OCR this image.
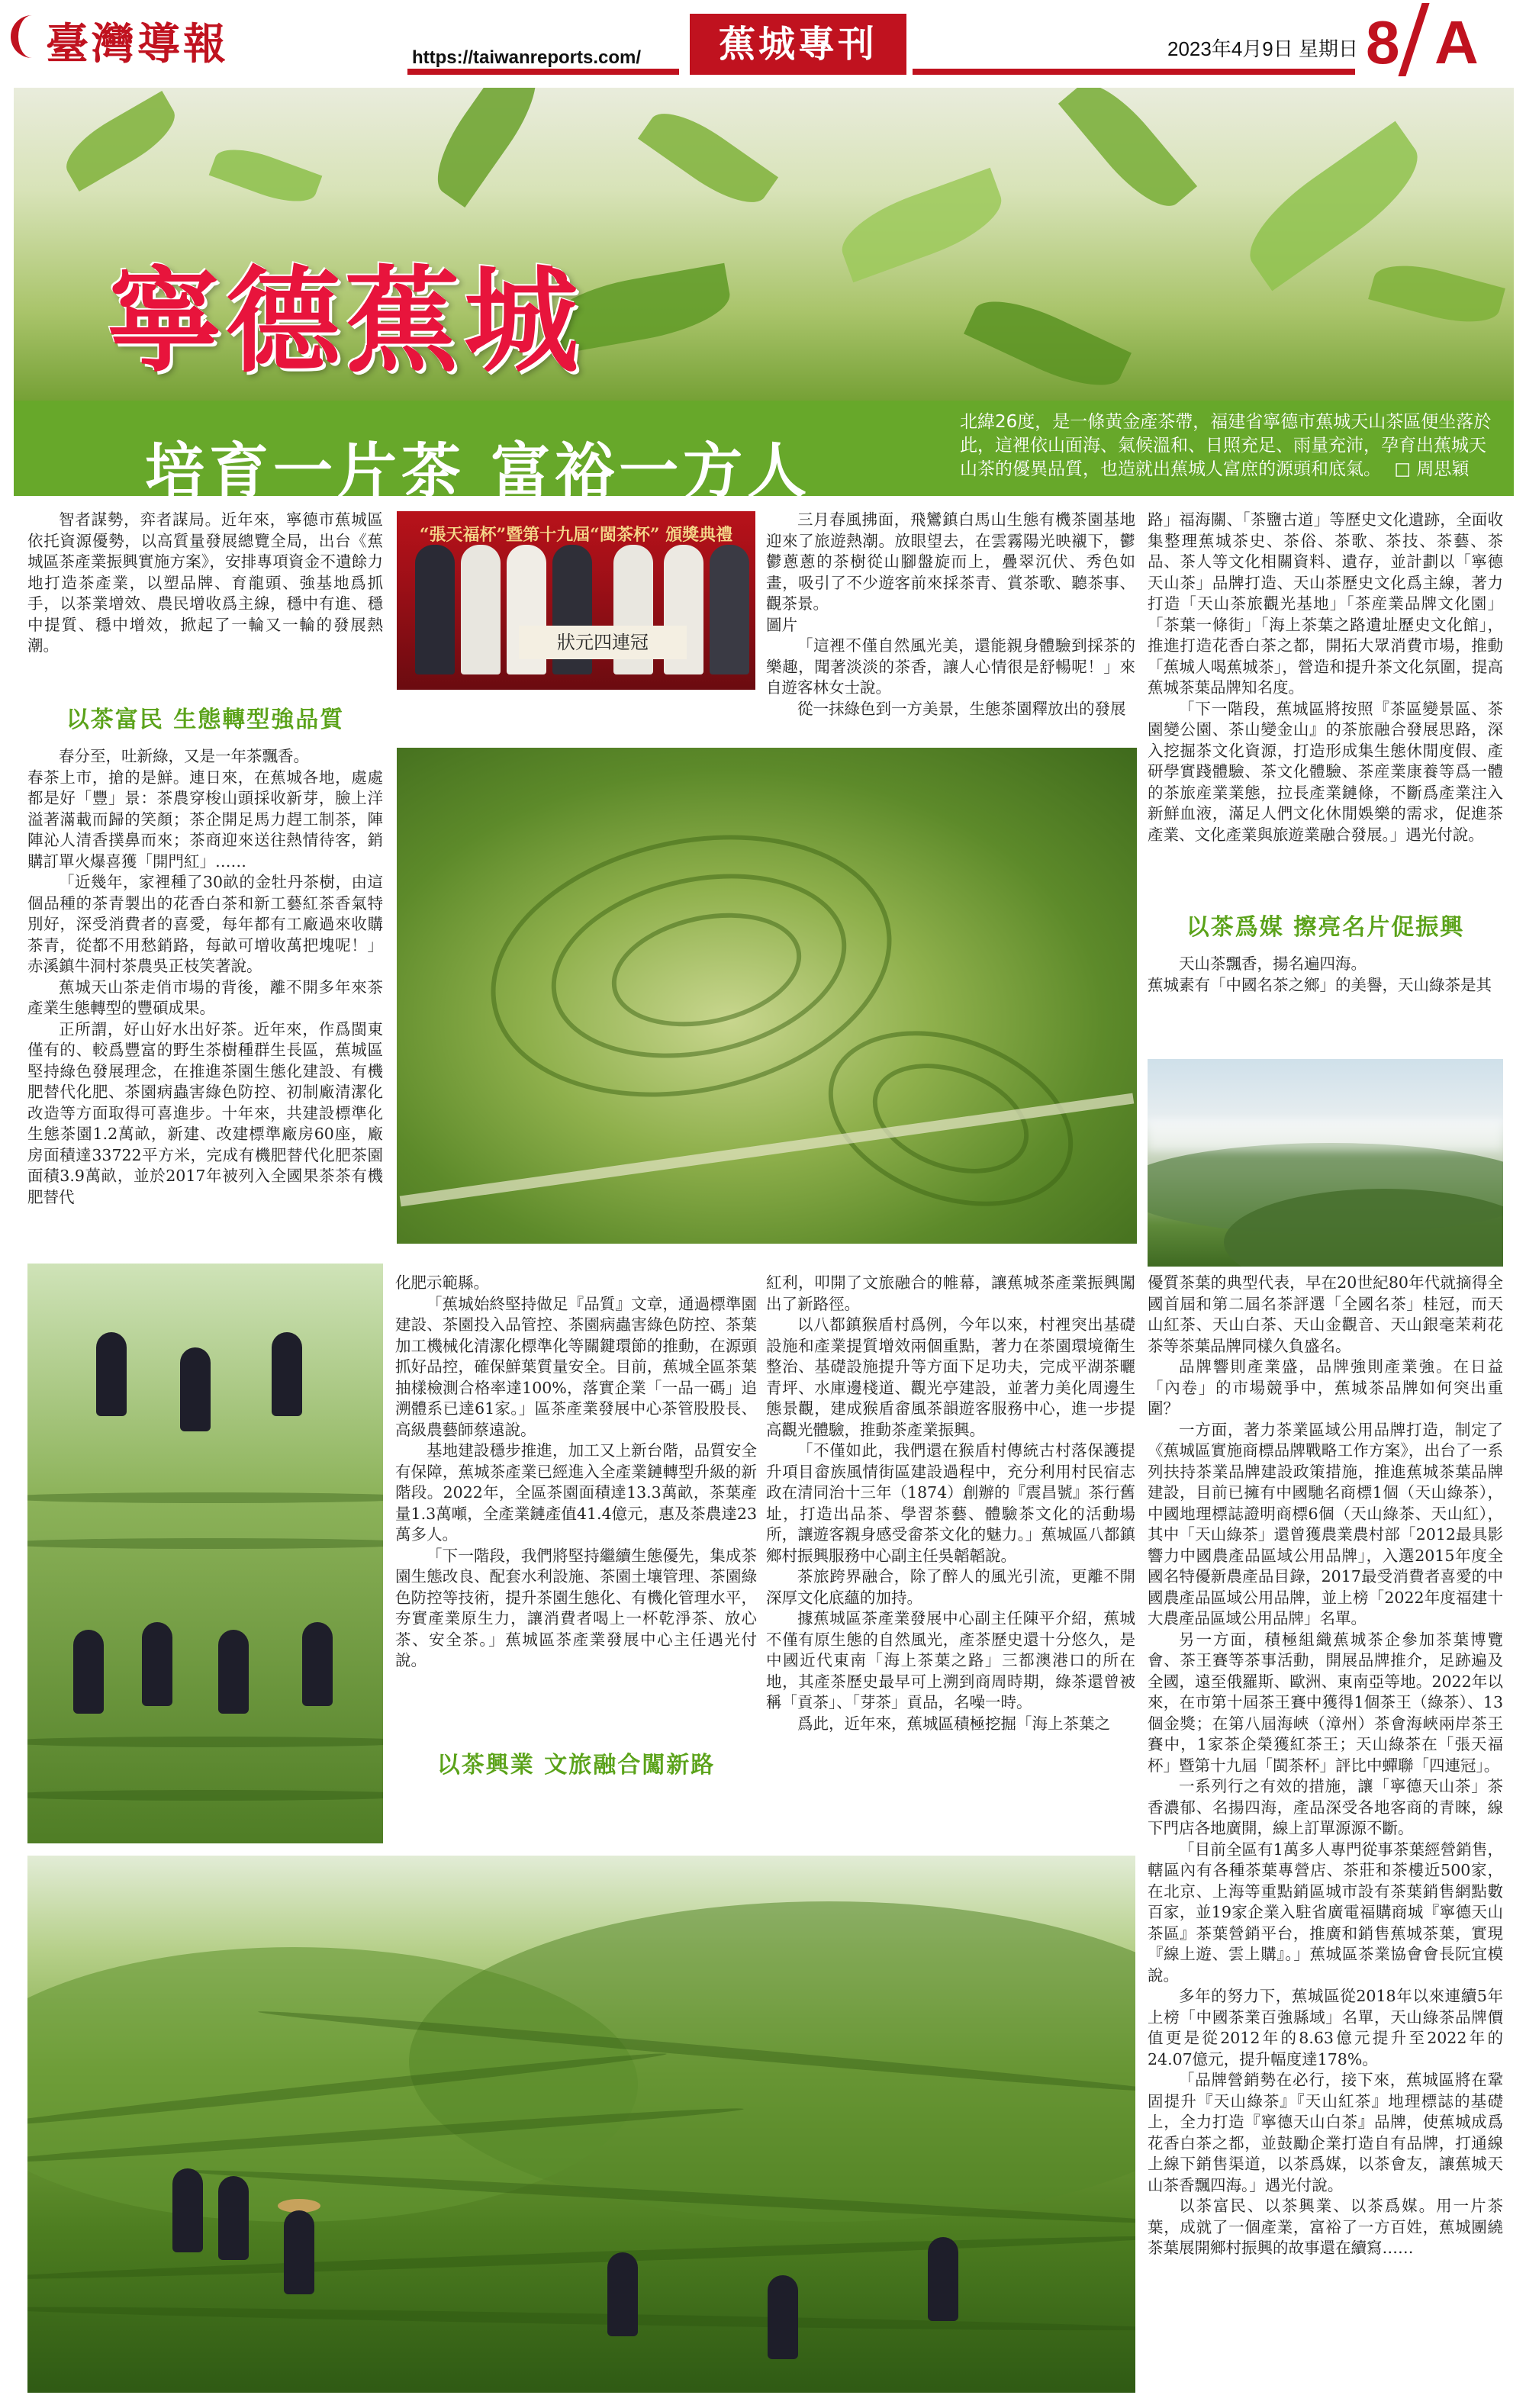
臺灣導報	https://taiwanreports.com/	蕉城專刊	2023年4月9日 星期日 8 A
寧德蕉城
培育一片茶 富裕一方人
北緯26度，是一條黃金產茶帶，福建省寧德市蕉城天山茶區便坐落於此，這裡依山面海、氣候溫和、日照充足、雨量充沛，孕育出蕉城天山茶的優異品質，也造就出蕉城人富庶的源頭和底氣。 □ 周思穎

智者謀勢，弈者謀局。近年來，寧德市蕉城區依托資源優勢，以高質量發展總覽全局，出台《蕉城區茶產業振興實施方案》，安排專項資金不遺餘力地打造茶產業，以塑品牌、育龍頭、強基地爲抓手，以茶業增效、農民增收爲主線，穩中有進、穩中提質、穩中增效，掀起了一輪又一輪的發展熱潮。

以茶富民 生態轉型強品質

春分至，吐新綠，又是一年茶飄香。

春茶上市，搶的是鮮。連日來，在蕉城各地，處處都是好「豐」景：茶農穿梭山頭採收新芽，臉上洋溢著滿載而歸的笑顏；茶企開足馬力趕工制茶，陣陣沁人清香撲鼻而來；茶商迎來送往熱情待客，銷購訂單火爆喜獲「開門紅」……

「近幾年，家裡種了30畝的金牡丹茶樹，由這個品種的茶青製出的花香白茶和新工藝紅茶香氣特別好，深受消費者的喜愛，每年都有工廠過來收購茶青，從都不用愁銷路，每畝可增收萬把塊呢！」赤溪鎮牛洞村茶農吳正枝笑著說。

蕉城天山茶走俏市場的背後，離不開多年來茶產業生態轉型的豐碩成果。

正所謂，好山好水出好茶。近年來，作爲閩東僅有的、較爲豐富的野生茶樹種群生長區，蕉城區堅持綠色發展理念，在推進茶園生態化建設、有機肥替代化肥、茶園病蟲害綠色防控、初制廠清潔化改造等方面取得可喜進步。十年來，共建設標準化生態茶園1.2萬畝，新建、改建標準廠房60座，廠房面積達33722平方米，完成有機肥替代化肥茶園面積3.9萬畝，並於2017年被列入全國果茶茶有機肥替代

“張天福杯”暨第十九屆“閩茶杯” 頒獎典禮
狀元四連冠

三月春風拂面，飛鸞鎮白馬山生態有機茶園基地迎來了旅遊熱潮。放眼望去，在雲霧陽光映襯下，鬱鬱蔥蔥的茶樹從山腳盤旋而上，疊翠沉伏、秀色如畫，吸引了不少遊客前來採茶青、賞茶歌、聽茶事、觀茶景。

圖片

「這裡不僅自然風光美，還能親身體驗到採茶的樂趣，聞著淡淡的茶香，讓人心情很是舒暢呢！」來自遊客林女士說。

從一抹綠色到一方美景，生態茶園釋放出的發展

路」福海關、「茶鹽古道」等歷史文化遺跡，全面收集整理蕉城茶史、茶俗、茶歌、茶技、茶藝、茶品、茶人等文化相關資料、遺存，並計劃以「寧德天山茶」品牌打造、天山茶歷史文化爲主線，著力打造「天山茶旅觀光基地」「茶産業品牌文化園」「茶葉一條街」「海上茶葉之路遺址歷史文化館」，推進打造花香白茶之都，開拓大眾消費市場，推動「蕉城人喝蕉城茶」，營造和提升茶文化氛圍，提高蕉城茶葉品牌知名度。

「下一階段，蕉城區將按照『茶區變景區、茶園變公園、茶山變金山』的茶旅融合發展思路，深入挖掘茶文化資源，打造形成集生態休閒度假、產研學實踐體驗、茶文化體驗、茶産業康養等爲一體的茶旅産業業態，拉長產業鏈條，不斷爲產業注入新鮮血液，滿足人們文化休閒娛樂的需求，促進茶產業、文化產業與旅遊業融合發展。」遇光付說。

以茶爲媒 擦亮名片促振興

天山茶飄香，揚名遍四海。

蕉城素有「中國名茶之鄉」的美譽，天山綠茶是其

化肥示範縣。

「蕉城始終堅持做足『品質』文章，通過標準園建設、茶園投入品管控、茶園病蟲害綠色防控、茶葉加工機械化清潔化標準化等關鍵環節的推動，在源頭抓好品控，確保鮮葉質量安全。目前，蕉城全區茶葉抽樣檢測合格率達100%，落實企業「一品一碼」追溯體系已達61家。」區茶產業發展中心茶管股股長、高級農藝師蔡遠說。

基地建設穩步推進，加工又上新台階，品質安全有保障，蕉城茶產業已經進入全產業鏈轉型升級的新階段。2022年，全區茶園面積達13.3萬畝，茶葉產量1.3萬噸，全產業鏈產值41.4億元，惠及茶農達23萬多人。

「下一階段，我們將堅持繼續生態優先，集成茶園生態改良、配套水利設施、茶園土壤管理、茶園綠色防控等技術，提升茶園生態化、有機化管理水平，夯實產業原生力，讓消費者喝上一杯乾淨茶、放心茶、安全茶。」蕉城區茶產業發展中心主任遇光付說。

以茶興業 文旅融合闖新路

紅利，叩開了文旅融合的帷幕，讓蕉城茶產業振興闖出了新路徑。

以八都鎮猴盾村爲例，今年以來，村裡突出基礎設施和產業提質增效兩個重點，著力在茶園環境衛生整治、基礎設施提升等方面下足功夫，完成平湖茶曬青坪、水庫邊棧道、觀光亭建設，並著力美化周邊生態景觀，建成猴盾畲風茶韻遊客服務中心，進一步提高觀光體驗，推動茶產業振興。

「不僅如此，我們還在猴盾村傳統古村落保護提升項目畲族風情街區建設過程中，充分利用村民宿志政在清同治十三年（1874）創辦的『震昌號』茶行舊址，打造出品茶、學習茶藝、體驗茶文化的活動場所，讓遊客親身感受畲茶文化的魅力。」蕉城區八都鎮鄉村振興服務中心副主任吳韜韜說。

茶旅跨界融合，除了醉人的風光引流，更離不開深厚文化底蘊的加持。

據蕉城區茶產業發展中心副主任陳平介紹，蕉城不僅有原生態的自然風光，產茶歷史還十分悠久，是中國近代東南「海上茶葉之路」三都澳港口的所在地，其產茶歷史最早可上溯到商周時期，綠茶還曾被稱「貢茶」、「芽茶」貢品，名噪一時。

爲此，近年來，蕉城區積極挖掘「海上茶葉之

優質茶葉的典型代表，早在20世紀80年代就摘得全國首屆和第二屆名茶評選「全國名茶」桂冠，而天山紅茶、天山白茶、天山金觀音、天山銀毫茉莉花茶等茶葉品牌同樣久負盛名。

品牌響則產業盛，品牌強則產業強。在日益「內卷」的市場競爭中，蕉城茶品牌如何突出重圍？

一方面，著力茶業區域公用品牌打造，制定了《蕉城區實施商標品牌戰略工作方案》，出台了一系列扶持茶業品牌建設政策措施，推進蕉城茶葉品牌建設，目前已擁有中國馳名商標1個（天山綠茶），中國地理標誌證明商標6個（天山綠茶、天山紅），其中「天山綠茶」還曾獲農業農村部「2012最具影響力中國農產品區域公用品牌」，入選2015年度全國名特優新農產品目錄，2017最受消費者喜愛的中國農產品區域公用品牌，並上榜「2022年度福建十大農產品區域公用品牌」名單。

另一方面，積極組織蕉城茶企參加茶葉博覽會、茶王賽等茶事活動，開展品牌推介，足跡遍及全國，遠至俄羅斯、歐洲、東南亞等地。2022年以來，在市第十屆茶王賽中獲得1個茶王（綠茶）、13個金獎；在第八屆海峽（漳州）茶會海峽兩岸茶王賽中，1家茶企榮獲紅茶王；天山綠茶在「張天福杯」暨第十九屆「閩茶杯」評比中蟬聯「四連冠」。

一系列行之有效的措施，讓「寧德天山茶」茶香濃郁、名揚四海，產品深受各地客商的青睞，線下門店各地廣開，線上訂單源源不斷。

「目前全區有1萬多人專門從事茶葉經營銷售，轄區內有各種茶葉專營店、茶莊和茶樓近500家，在北京、上海等重點銷區城市設有茶葉銷售網點數百家，並19家企業入駐省廣電福購商城『寧德天山茶區』茶葉營銷平台，推廣和銷售蕉城茶葉，實現『線上遊、雲上購』。」蕉城區茶業協會會長阮宜模說。

多年的努力下，蕉城區從2018年以來連續5年上榜「中國茶業百強縣域」名單，天山綠茶品牌價值更是從2012年的8.63億元提升至2022年的24.07億元，提升幅度達178%。

「品牌營銷勢在必行，接下來，蕉城區將在鞏固提升『天山綠茶』『天山紅茶』地理標誌的基礎上，全力打造『寧德天山白茶』品牌，使蕉城成爲花香白茶之都，並鼓勵企業打造自有品牌，打通線上線下銷售渠道，以茶爲媒，以茶會友，讓蕉城天山茶香飄四海。」遇光付說。

以茶富民、以茶興業、以茶爲媒。用一片茶葉，成就了一個產業，富裕了一方百姓，蕉城團繞茶葉展開鄉村振興的故事還在續寫……
